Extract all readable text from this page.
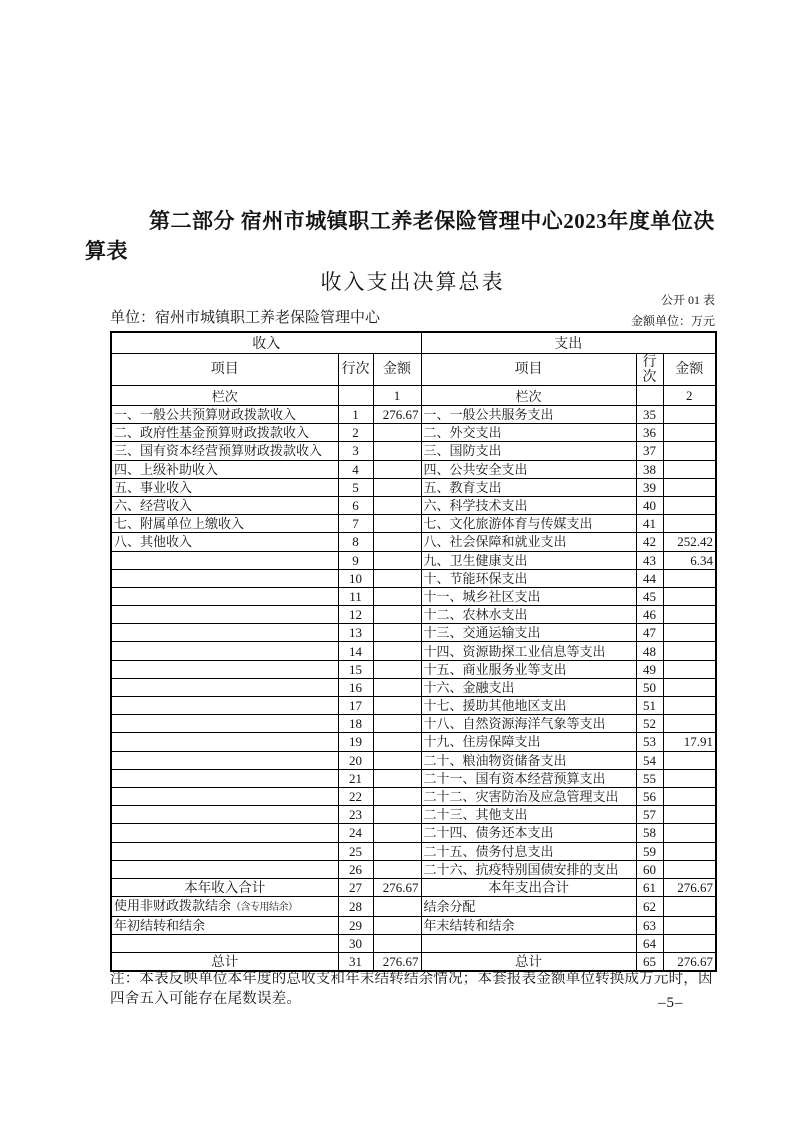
第二部分 宿州市城镇职工养老保险管理中心2023年度单位决算表
收入支出决算总表
公开 01 表
单位：宿州市城镇职工养老保险管理中心	金额单位：万元
收入			支出		
项目	行次	金额	项目	行次	金额
栏次		1	栏次		2
一、一般公共预算财政拨款收入	1	276.67	一、一般公共服务支出	35	
二、政府性基金预算财政拨款收入	2		二、外交支出	36	
三、国有资本经营预算财政拨款收入	3		三、国防支出	37	
四、上级补助收入	4		四、公共安全支出	38	
五、事业收入	5		五、教育支出	39	
六、经营收入	6		六、科学技术支出	40	
七、附属单位上缴收入	7		七、文化旅游体育与传媒支出	41	
八、其他收入	8		八、社会保障和就业支出	42	252.42
	9		九、卫生健康支出	43	6.34
	10		十、节能环保支出	44	
	11		十一、城乡社区支出	45	
	12		十二、农林水支出	46	
	13		十三、交通运输支出	47	
	14		十四、资源勘探工业信息等支出	48	
	15		十五、商业服务业等支出	49	
	16		十六、金融支出	50	
	17		十七、援助其他地区支出	51	
	18		十八、自然资源海洋气象等支出	52	
	19		十九、住房保障支出	53	17.91
	20		二十、粮油物资储备支出	54	
	21		二十一、国有资本经营预算支出	55	
	22		二十二、灾害防治及应急管理支出	56	
	23		二十三、其他支出	57	
	24		二十四、债务还本支出	58	
	25		二十五、债务付息支出	59	
	26		二十六、抗疫特别国债安排的支出	60	
本年收入合计	27	276.67	本年支出合计	61	276.67
使用非财政拨款结余（含专用结余）	28		结余分配	62	
年初结转和结余	29		年末结转和结余	63	
	30			64	
总计	31	276.67	总计	65	276.67
注：本表反映单位本年度的总收支和年末结转结余情况；本套报表金额单位转换成万元时，因四舍五入可能存在尾数误差。	–5–
